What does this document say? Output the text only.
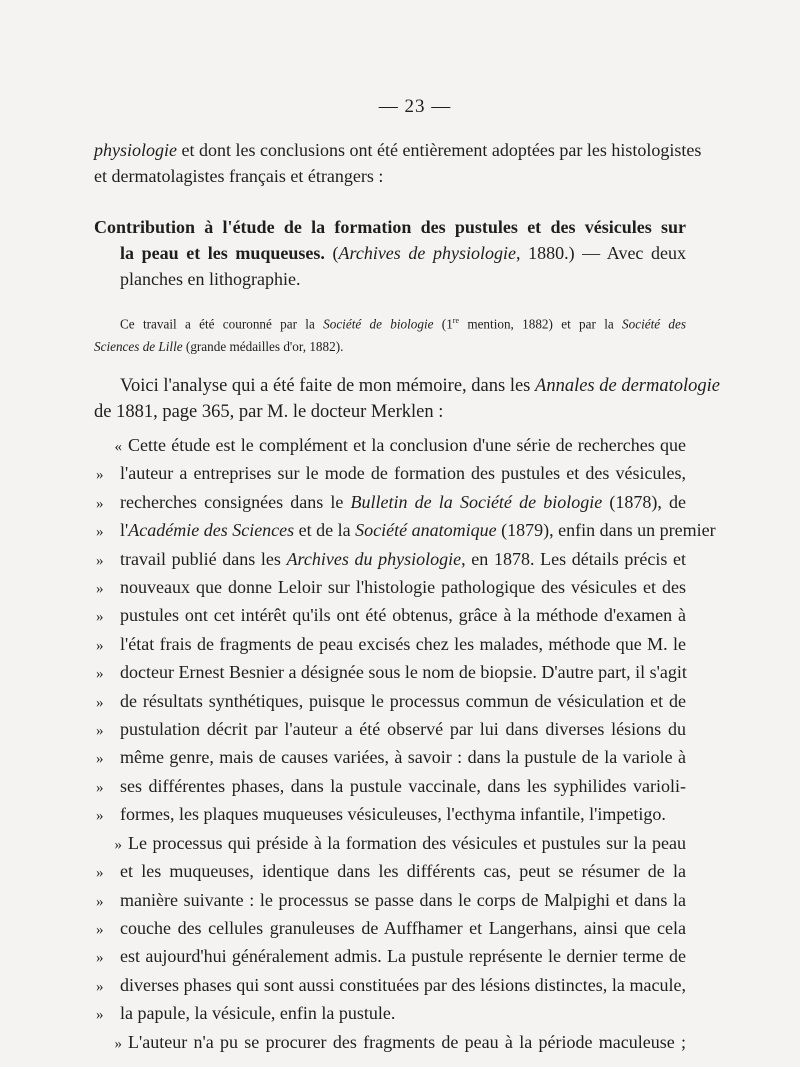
— 23 —
physiologie et dont les conclusions ont été entièrement adoptées par les histologistes
et dermatolagistes français et étrangers :
Contribution à l'étude de la formation des pustules et des vésicules sur
la peau et les muqueuses. (Archives de physiologie, 1880.) — Avec deux
planches en lithographie.
Ce travail a été couronné par la Société de biologie (1re mention, 1882) et par la Société des
Sciences de Lille (grande médailles d'or, 1882).
Voici l'analyse qui a été faite de mon mémoire, dans les Annales de dermatologie
de 1881, page 365, par M. le docteur Merklen :
« Cette étude est le complément et la conclusion d'une série de recherches que
» l'auteur a entreprises sur le mode de formation des pustules et des vésicules,
» recherches consignées dans le Bulletin de la Société de biologie (1878), de
» l'Académie des Sciences et de la Société anatomique (1879), enfin dans un premier
» travail publié dans les Archives du physiologie, en 1878. Les détails précis et
» nouveaux que donne Leloir sur l'histologie pathologique des vésicules et des
» pustules ont cet intérêt qu'ils ont été obtenus, grâce à la méthode d'examen à
» l'état frais de fragments de peau excisés chez les malades, méthode que M. le
» docteur Ernest Besnier a désignée sous le nom de biopsie. D'autre part, il s'agit
» de résultats synthétiques, puisque le processus commun de vésiculation et de
» pustulation décrit par l'auteur a été observé par lui dans diverses lésions du
» même genre, mais de causes variées, à savoir : dans la pustule de la variole à
» ses différentes phases, dans la pustule vaccinale, dans les syphilides varioli-
» formes, les plaques muqueuses vésiculeuses, l'ecthyma infantile, l'impetigo.
» Le processus qui préside à la formation des vésicules et pustules sur la peau
» et les muqueuses, identique dans les différents cas, peut se résumer de la
» manière suivante : le processus se passe dans le corps de Malpighi et dans la
» couche des cellules granuleuses de Auffhamer et Langerhans, ainsi que cela
» est aujourd'hui généralement admis. La pustule représente le dernier terme de
» diverses phases qui sont aussi constituées par des lésions distinctes, la macule,
» la papule, la vésicule, enfin la pustule.
» L'auteur n'a pu se procurer des fragments de peau à la période maculeuse ;
